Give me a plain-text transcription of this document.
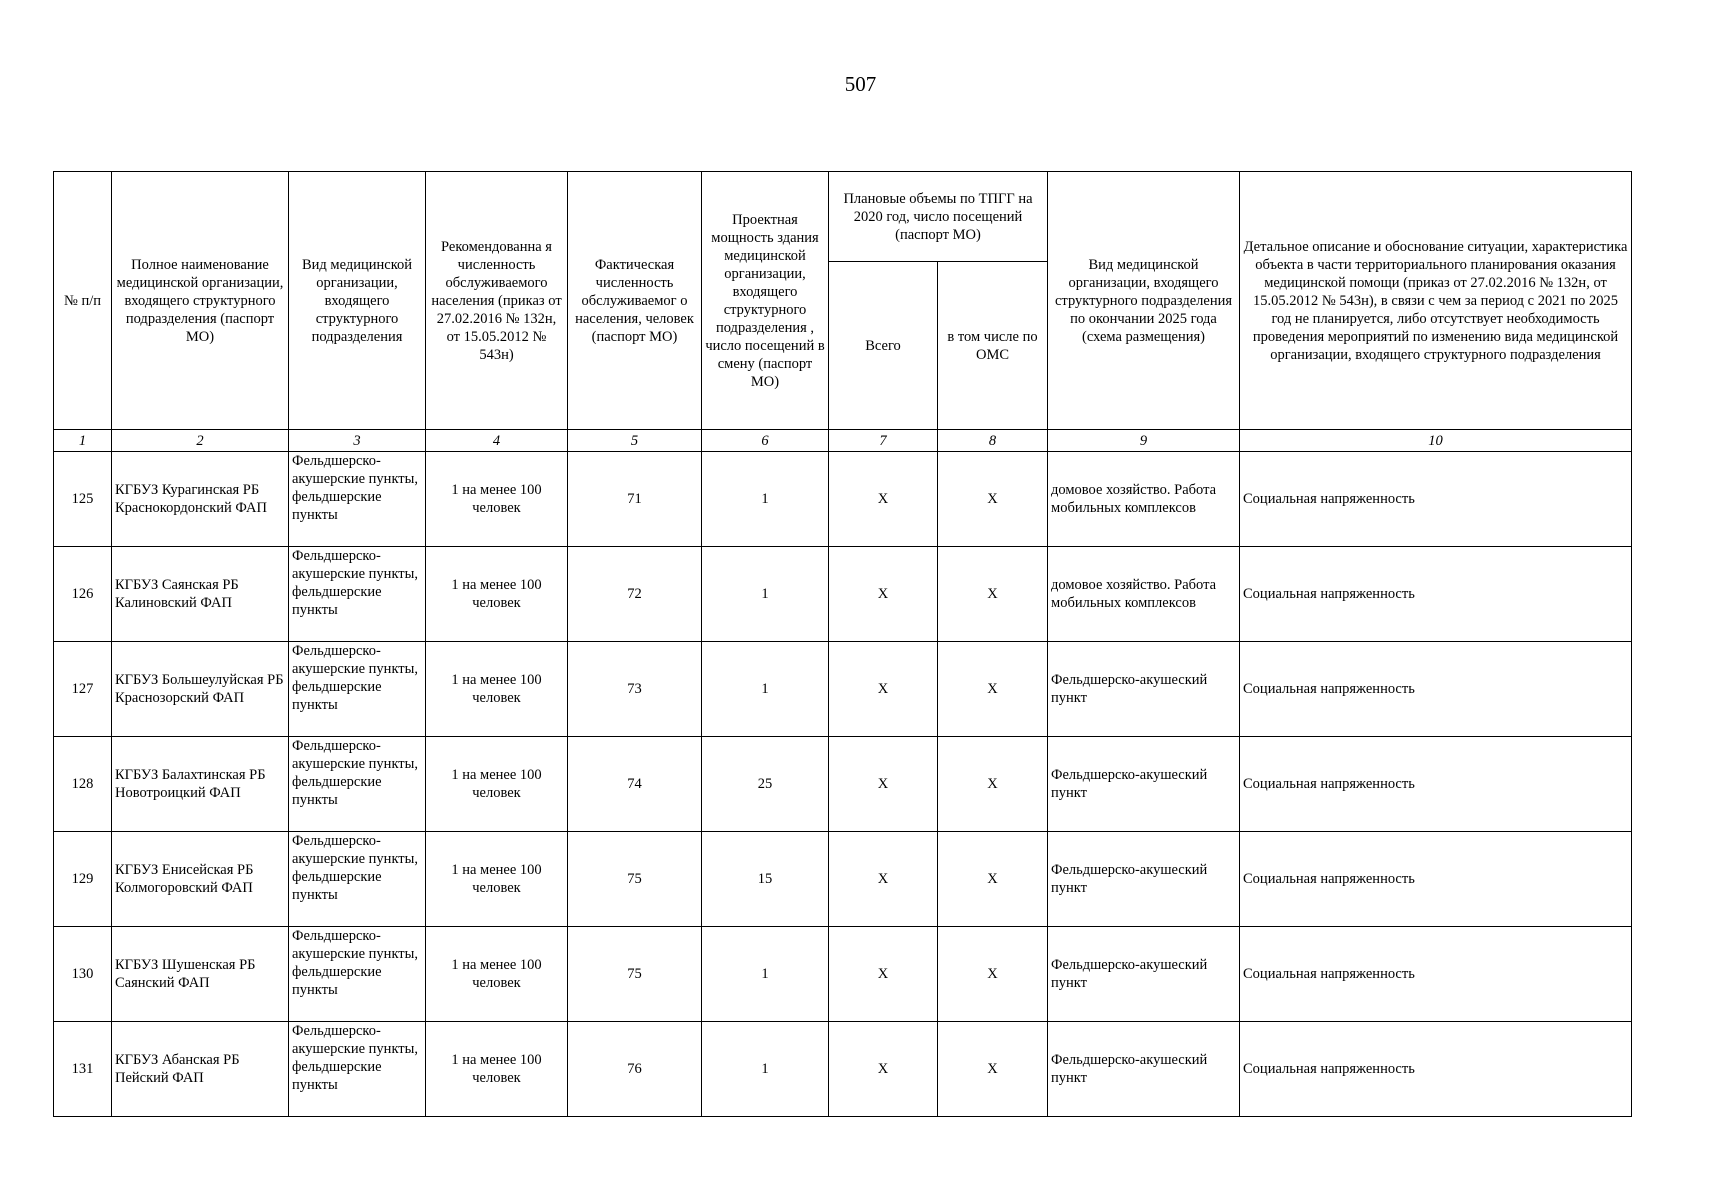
507
№ п/п	Полное наименование медицинской организации, входящего структурного подразделения (паспорт МО)	Вид медицинской организации, входящего структурного подразделения	Рекомендованна я численность обслуживаемого населения (приказ от 27.02.2016 № 132н, от 15.05.2012 № 543н)	Фактическая численность обслуживаемог о населения, человек (паспорт МО)	Проектная мощность здания медицинской организации, входящего структурного подразделения , число посещений в смену (паспорт МО)	Плановые объемы по ТПГГ на 2020 год, число посещений (паспорт МО)		Вид медицинской организации, входящего структурного подразделения по окончании 2025 года (схема размещения)	Детальное описание и обоснование ситуации, характеристика объекта в части территориального планирования оказания медицинской помощи (приказ от 27.02.2016 № 132н, от 15.05.2012 № 543н), в связи с чем за период с 2021 по 2025 год не планируется, либо отсутствует необходимость проведения мероприятий по изменению вида медицинской организации, входящего структурного подразделения
						Всего	в том числе по ОМС		
1	2	3	4	5	6	7	8	9	10
125	КГБУЗ Курагинская РБ Краснокордонский ФАП	Фельдшерско-акушерские пункты, фельдшерские пункты	1 на менее 100 человек	71	1	Х	Х	домовое хозяйство. Работа мобильных комплексов	Социальная напряженность
126	КГБУЗ Саянская РБ Калиновский ФАП	Фельдшерско-акушерские пункты, фельдшерские пункты	1 на менее 100 человек	72	1	Х	Х	домовое хозяйство. Работа мобильных комплексов	Социальная напряженность
127	КГБУЗ Большеулуйская РБ Краснозорский ФАП	Фельдшерско-акушерские пункты, фельдшерские пункты	1 на менее 100 человек	73	1	Х	Х	Фельдшерско-акушеский пункт	Социальная напряженность
128	КГБУЗ Балахтинская РБ Новотроицкий ФАП	Фельдшерско-акушерские пункты, фельдшерские пункты	1 на менее 100 человек	74	25	Х	Х	Фельдшерско-акушеский пункт	Социальная напряженность
129	КГБУЗ Енисейская РБ Колмогоровский ФАП	Фельдшерско-акушерские пункты, фельдшерские пункты	1 на менее 100 человек	75	15	Х	Х	Фельдшерско-акушеский пункт	Социальная напряженность
130	КГБУЗ Шушенская РБ Саянский ФАП	Фельдшерско-акушерские пункты, фельдшерские пункты	1 на менее 100 человек	75	1	Х	Х	Фельдшерско-акушеский пункт	Социальная напряженность
131	КГБУЗ Абанская РБ Пейский ФАП	Фельдшерско-акушерские пункты, фельдшерские пункты	1 на менее 100 человек	76	1	Х	Х	Фельдшерско-акушеский пункт	Социальная напряженность
